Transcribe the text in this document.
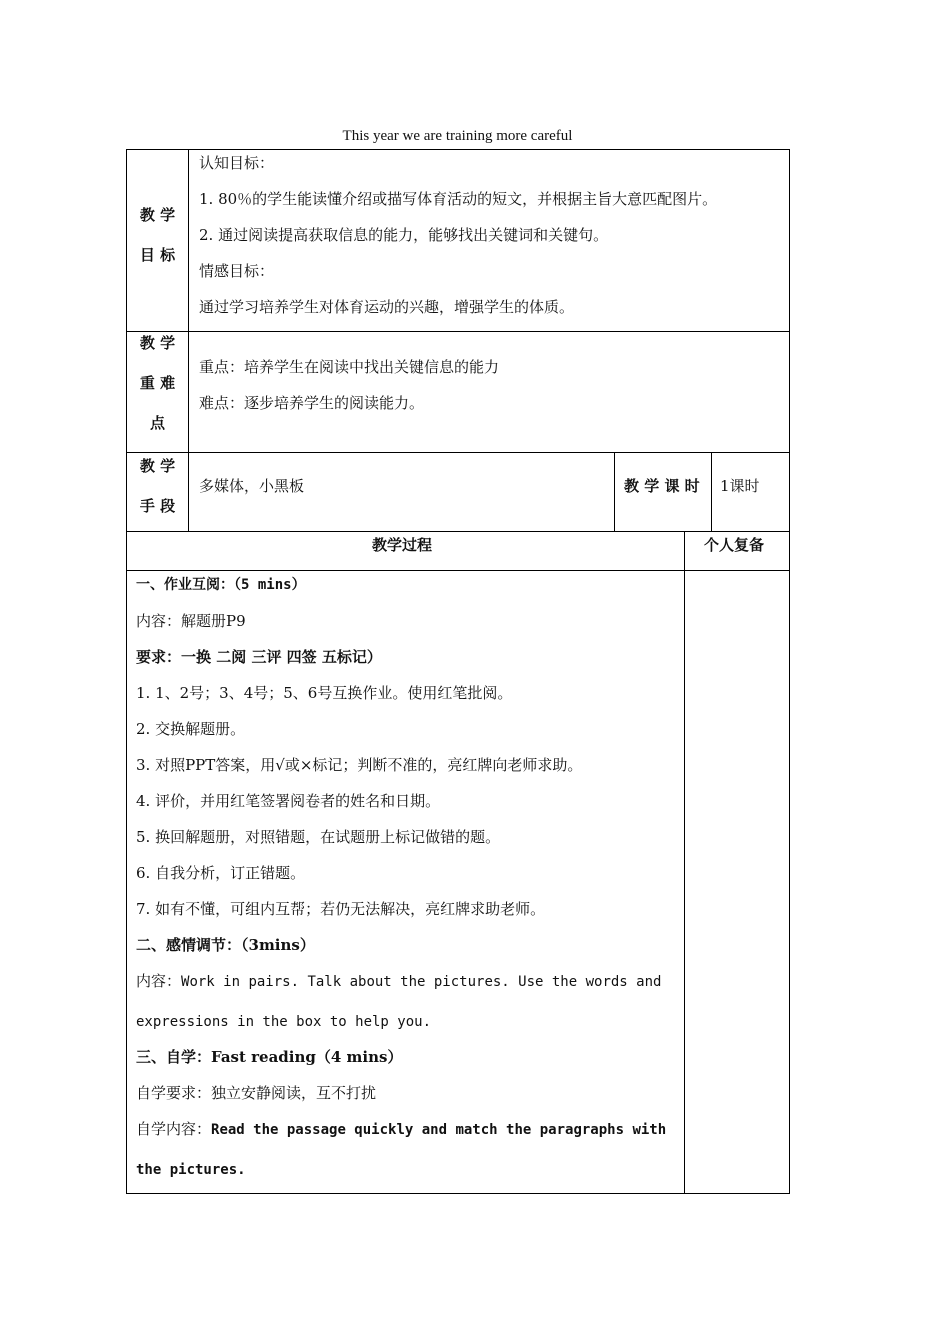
This year we are training more careful
教 学
目 标
认知目标：
1. 80％的学生能读懂介绍或描写体育活动的短文，并根据主旨大意匹配图片。
2. 通过阅读提高获取信息的能力，能够找出关键词和关键句。
情感目标：
通过学习培养学生对体育运动的兴趣，增强学生的体质。
教 学
重 难
点
重点：培养学生在阅读中找出关键信息的能力
难点：逐步培养学生的阅读能力。
教 学
手 段
多媒体，小黑板	教 学 课 时 1课时
教学过程	个人复备
一、作业互阅：（5 mins）
内容：解题册P9
要求：一换 二阅 三评 四签 五标记）
1. 1、2号；3、4号；5、6号互换作业。使用红笔批阅。
2. 交换解题册。
3. 对照PPT答案，用√或×标记；判断不准的，亮红牌向老师求助。
4. 评价，并用红笔签署阅卷者的姓名和日期。
5. 换回解题册，对照错题，在试题册上标记做错的题。
6. 自我分析，订正错题。
7. 如有不懂，可组内互帮；若仍无法解决，亮红牌求助老师。
二、感情调节：（3mins）
内容：Work in pairs. Talk about the pictures. Use the words and
expressions in the box to help you.
三、自学：Fast reading（4 mins）
自学要求：独立安静阅读，互不打扰
自学内容：Read the passage quickly and match the paragraphs with
the pictures.
